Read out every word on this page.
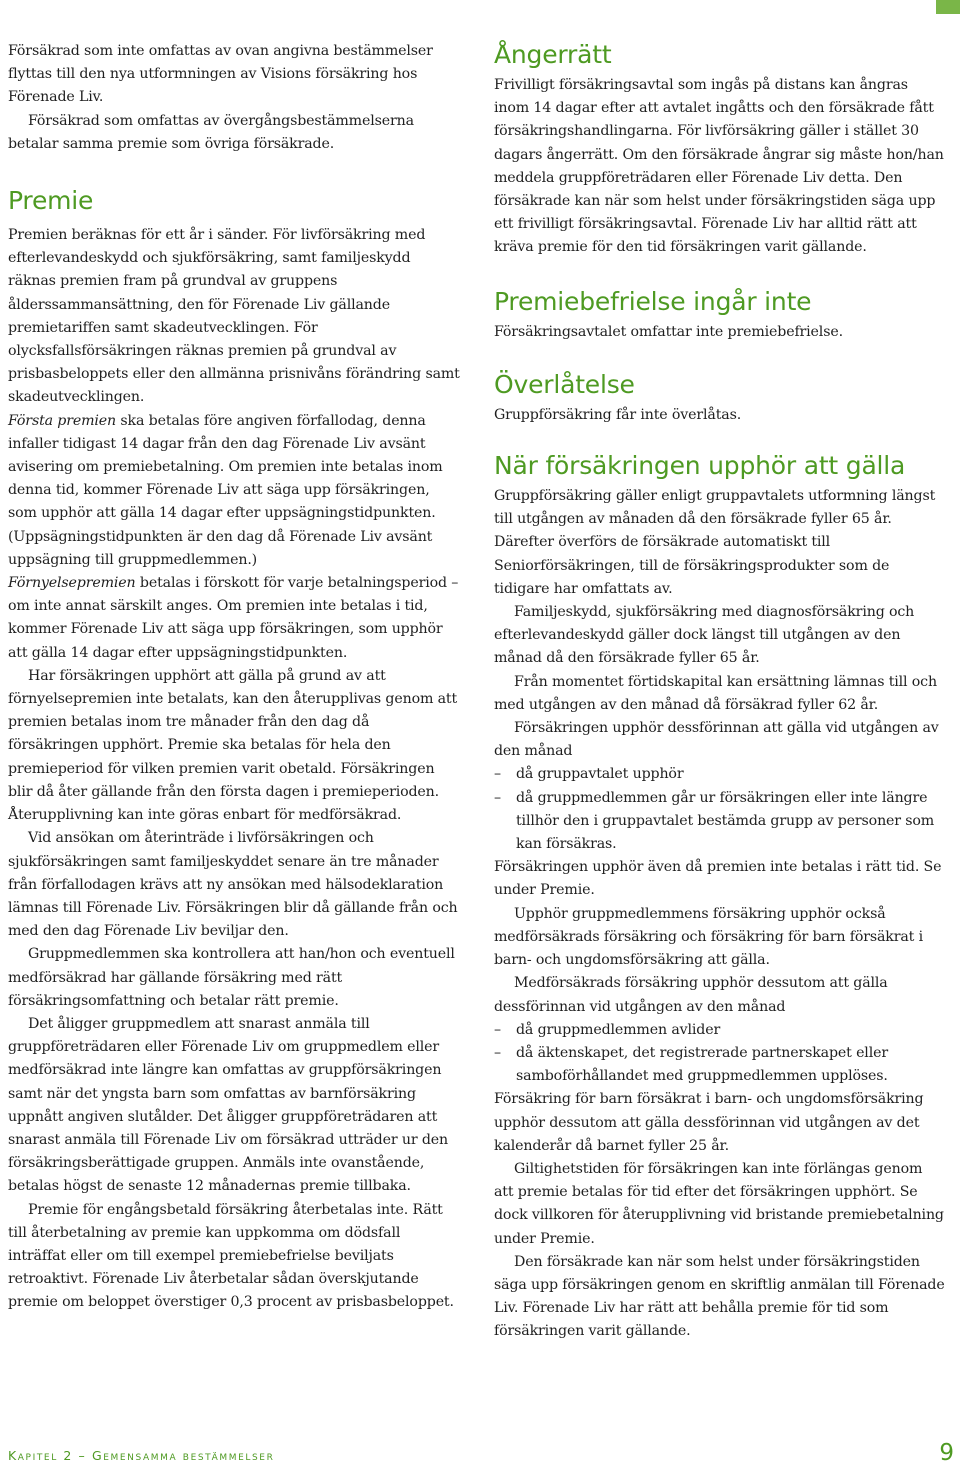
Försäkrad som inte omfattas av ovan angivna bestämmelser flyttas till den nya utformningen av Visions försäkring hos Förenade Liv.

Försäkrad som omfattas av övergångsbestämmelserna betalar samma premie som övriga försäkrade.

Premie

Premien beräknas för ett år i sänder. För livförsäkring med efterlevandeskydd och sjukförsäkring, samt familjeskydd räknas premien fram på grundval av gruppens ålderssammansättning, den för Förenade Liv gällande premietariffen samt skadeutvecklingen. För olycksfallsförsäkringen räknas premien på grundval av prisbasbeloppets eller den allmänna prisnivåns förändring samt skadeutvecklingen.

Första premien ska betalas före angiven förfallodag, denna infaller tidigast 14 dagar från den dag Förenade Liv avsänt avisering om premiebetalning. Om premien inte betalas inom denna tid, kommer Förenade Liv att säga upp försäkringen, som upphör att gälla 14 dagar efter uppsägningstidpunkten. (Uppsägningstidpunkten är den dag då Förenade Liv avsänt uppsägning till gruppmedlemmen.)

Förnyelsepremien betalas i förskott för varje betalningsperiod – om inte annat särskilt anges. Om premien inte betalas i tid, kommer Förenade Liv att säga upp försäkringen, som upphör att gälla 14 dagar efter uppsägningstidpunkten.

Har försäkringen upphört att gälla på grund av att förnyelsepremien inte betalats, kan den återupplivas genom att premien betalas inom tre månader från den dag då försäkringen upphört. Premie ska betalas för hela den premieperiod för vilken premien varit obetald. Försäkringen blir då åter gällande från den första dagen i premieperioden. Återupplivning kan inte göras enbart för medförsäkrad.

Vid ansökan om återinträde i livförsäkringen och sjukförsäkringen samt familjeskyddet senare än tre månader från förfallodagen krävs att ny ansökan med hälsodeklaration lämnas till Förenade Liv. Försäkringen blir då gällande från och med den dag Förenade Liv beviljar den.

Gruppmedlemmen ska kontrollera att han/hon och eventuell medförsäkrad har gällande försäkring med rätt försäkringsomfattning och betalar rätt premie.

Det åligger gruppmedlem att snarast anmäla till gruppföreträdaren eller Förenade Liv om gruppmedlem eller medförsäkrad inte längre kan omfattas av gruppförsäkringen samt när det yngsta barn som omfattas av barnförsäkring uppnått angiven slutålder. Det åligger gruppföreträdaren att snarast anmäla till Förenade Liv om försäkrad utträder ur den försäkringsberättigade gruppen. Anmäls inte ovanstående, betalas högst de senaste 12 månadernas premie tillbaka.

Premie för engångsbetald försäkring återbetalas inte. Rätt till återbetalning av premie kan uppkomma om dödsfall inträffat eller om till exempel premiebefrielse beviljats retroaktivt. Förenade Liv återbetalar sådan överskjutande premie om beloppet överstiger 0,3 procent av prisbasbeloppet.

Ångerrätt

Frivilligt försäkringsavtal som ingås på distans kan ångras inom 14 dagar efter att avtalet ingåtts och den försäkrade fått försäkringshandlingarna. För livförsäkring gäller i stället 30 dagars ångerrätt. Om den försäkrade ångrar sig måste hon/han meddela gruppföreträdaren eller Förenade Liv detta. Den försäkrade kan när som helst under försäkringstiden säga upp ett frivilligt försäkringsavtal. Förenade Liv har alltid rätt att kräva premie för den tid försäkringen varit gällande.

Premiebefrielse ingår inte

Försäkringsavtalet omfattar inte premiebefrielse.

Överlåtelse

Gruppförsäkring får inte överlåtas.

När försäkringen upphör att gälla

Gruppförsäkring gäller enligt gruppavtalets utformning längst till utgången av månaden då den försäkrade fyller 65 år. Därefter överförs de försäkrade automatiskt till Seniorförsäkringen, till de försäkringsprodukter som de tidigare har omfattats av.

Familjeskydd, sjukförsäkring med diagnosförsäkring och efterlevandeskydd gäller dock längst till utgången av den månad då den försäkrade fyller 65 år.

Från momentet förtidskapital kan ersättning lämnas till och med utgången av den månad då försäkrad fyller 62 år.

Försäkringen upphör dessförinnan att gälla vid utgången av den månad

–	då gruppavtalet upphör

–	då gruppmedlemmen går ur försäkringen eller inte längre tillhör den i gruppavtalet bestämda grupp av personer som kan försäkras.

Försäkringen upphör även då premien inte betalas i rätt tid. Se under Premie.

Upphör gruppmedlemmens försäkring upphör också medförsäkrads försäkring och försäkring för barn försäkrat i barn- och ungdomsförsäkring att gälla.

Medförsäkrads försäkring upphör dessutom att gälla dessförinnan vid utgången av den månad

–	då gruppmedlemmen avlider

–	då äktenskapet, det registrerade partnerskapet eller samboförhållandet med gruppmedlemmen upplöses.

Försäkring för barn försäkrat i barn- och ungdomsförsäkring upphör dessutom att gälla dessförinnan vid utgången av det kalenderår då barnet fyller 25 år.

Giltighetstiden för försäkringen kan inte förlängas genom att premie betalas för tid efter det försäkringen upphört. Se dock villkoren för återupplivning vid bristande premiebetalning under Premie.

Den försäkrade kan när som helst under försäkringstiden säga upp försäkringen genom en skriftlig anmälan till Förenade Liv. Förenade Liv har rätt att behålla premie för tid som försäkringen varit gällande.

Kapitel 2 – Gemensamma bestämmelser	9
